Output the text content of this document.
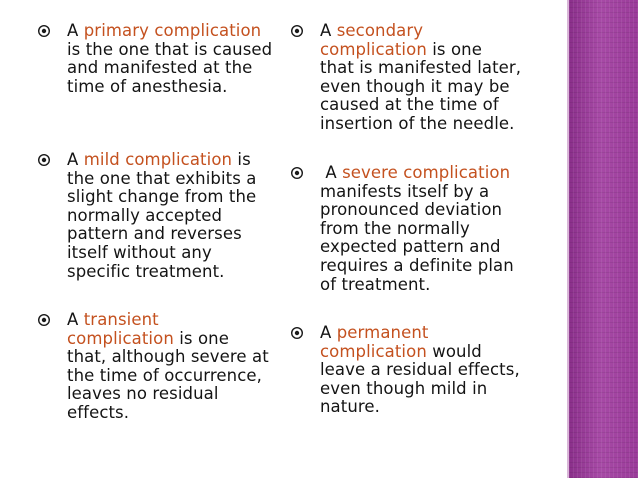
A primary complication
is the one that is caused
and manifested at the
time of anesthesia.
A mild complication is
the one that exhibits a
slight change from the
normally accepted
pattern and reverses
itself without any
specific treatment.
A transient
complication is one
that, although severe at
the time of occurrence,
leaves no residual
effects.
A secondary
complication is one
that is manifested later,
even though it may be
caused at the time of
insertion of the needle.
A severe complication
manifests itself by a
pronounced deviation
from the normally
expected pattern and
requires a definite plan
of treatment.
A permanent
complication would
leave a residual effects,
even though mild in
nature.
